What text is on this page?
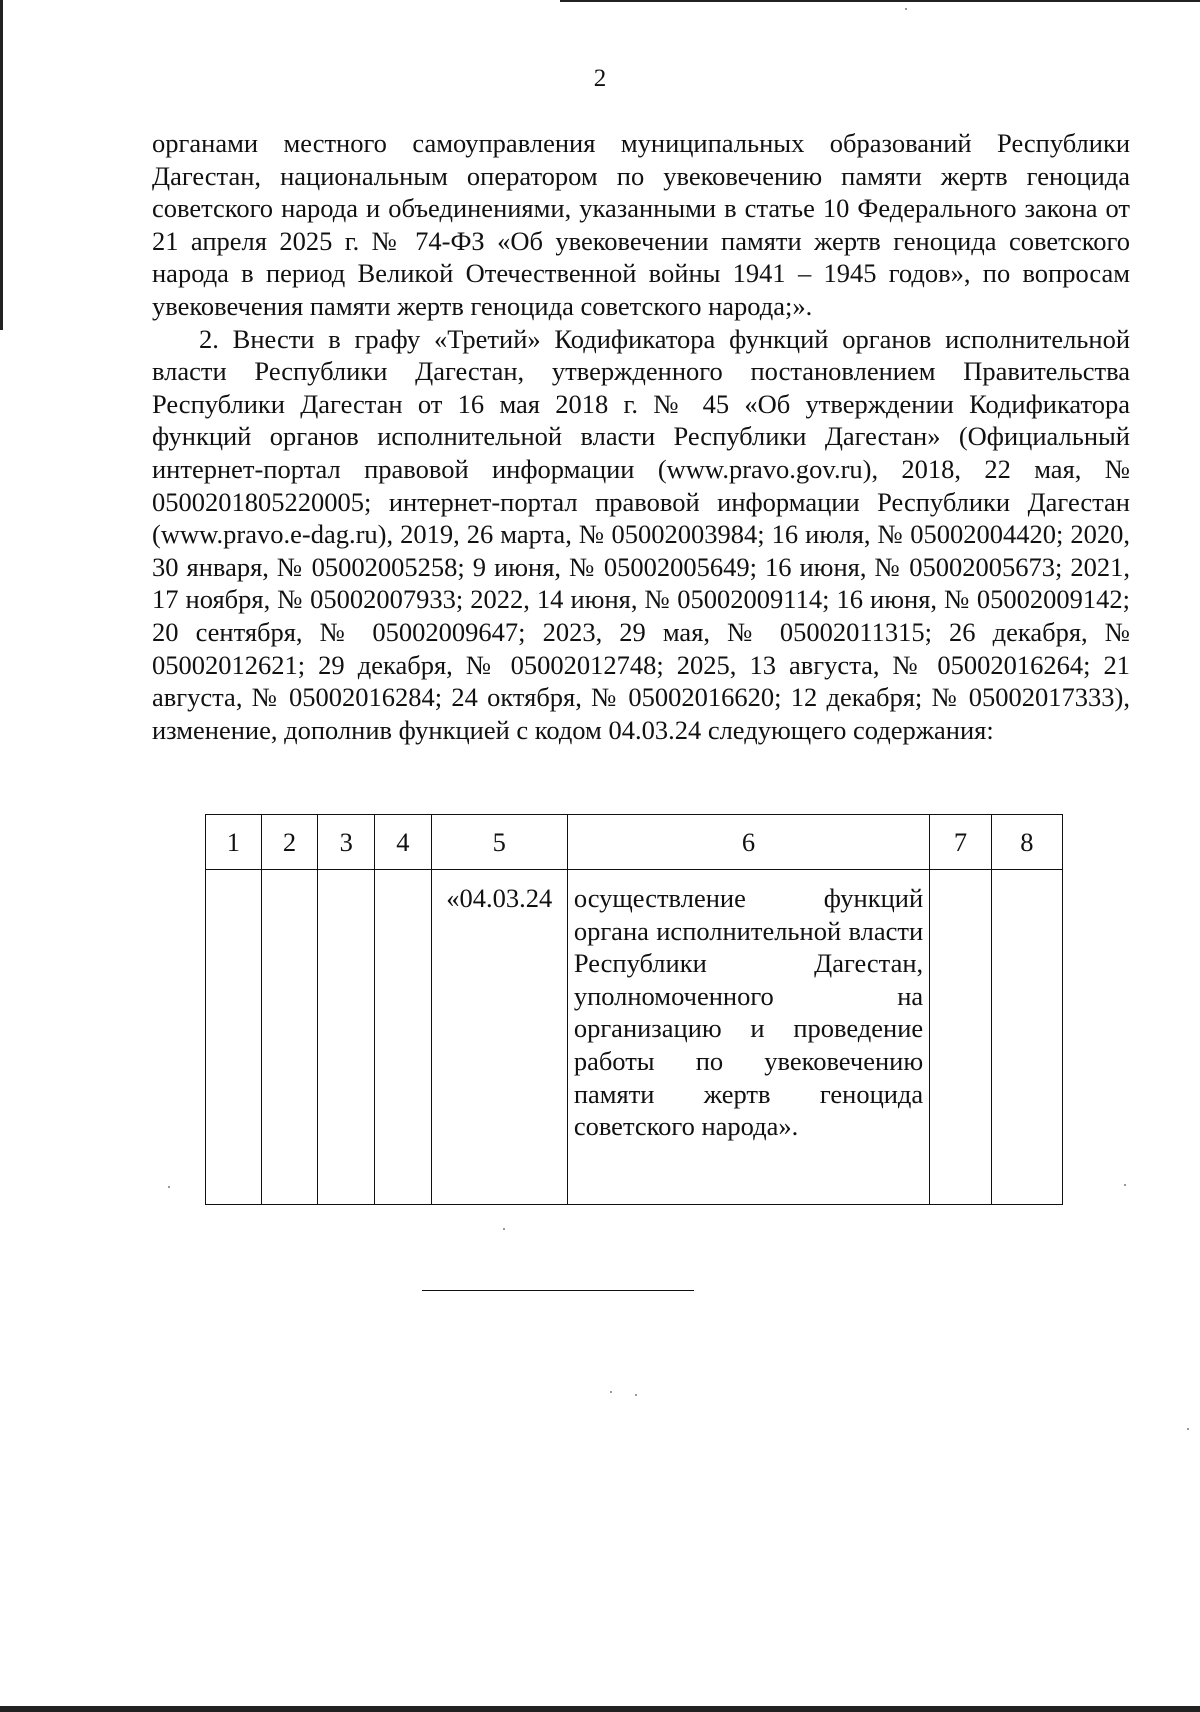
2

органами местного самоуправления муниципальных образований Республики Дагестан, национальным оператором по увековечению памяти жертв геноцида советского народа и объединениями, указанными в статье 10 Федерального закона от 21 апреля 2025 г. № 74-ФЗ «Об увековечении памяти жертв геноцида советского народа в период Великой Отечественной войны 1941 – 1945 годов», по вопросам увековечения памяти жертв геноцида советского народа;».

2. Внести в графу «Третий» Кодификатора функций органов исполнительной власти Республики Дагестан, утвержденного постановлением Правительства Республики Дагестан от 16 мая 2018 г. № 45 «Об утверждении Кодификатора функций органов исполнительной власти Республики Дагестан» (Официальный интернет-портал правовой информации (www.pravo.gov.ru), 2018, 22 мая, № 0500201805220005; интернет-портал правовой информации Республики Дагестан (www.pravo.e-dag.ru), 2019, 26 марта, № 05002003984; 16 июля, № 05002004420; 2020, 30 января, № 05002005258; 9 июня, № 05002005649; 16 июня, № 05002005673; 2021, 17 ноября, № 05002007933; 2022, 14 июня, № 05002009114; 16 июня, № 05002009142; 20 сентября, № 05002009647; 2023, 29 мая, № 05002011315; 26 декабря, № 05002012621; 29 декабря, № 05002012748; 2025, 13 августа, № 05002016264; 21 августа, № 05002016284; 24 октября, № 05002016620; 12 декабря; № 05002017333), изменение, дополнив функцией с кодом 04.03.24 следующего содержания:

1	2	3	4	5	6	7	8
				«04.03.24	осуществление функций органа исполнительной власти Республики Дагестан, уполномоченного на организацию и проведение работы по увековечению памяти жертв геноцида советского народа».		
